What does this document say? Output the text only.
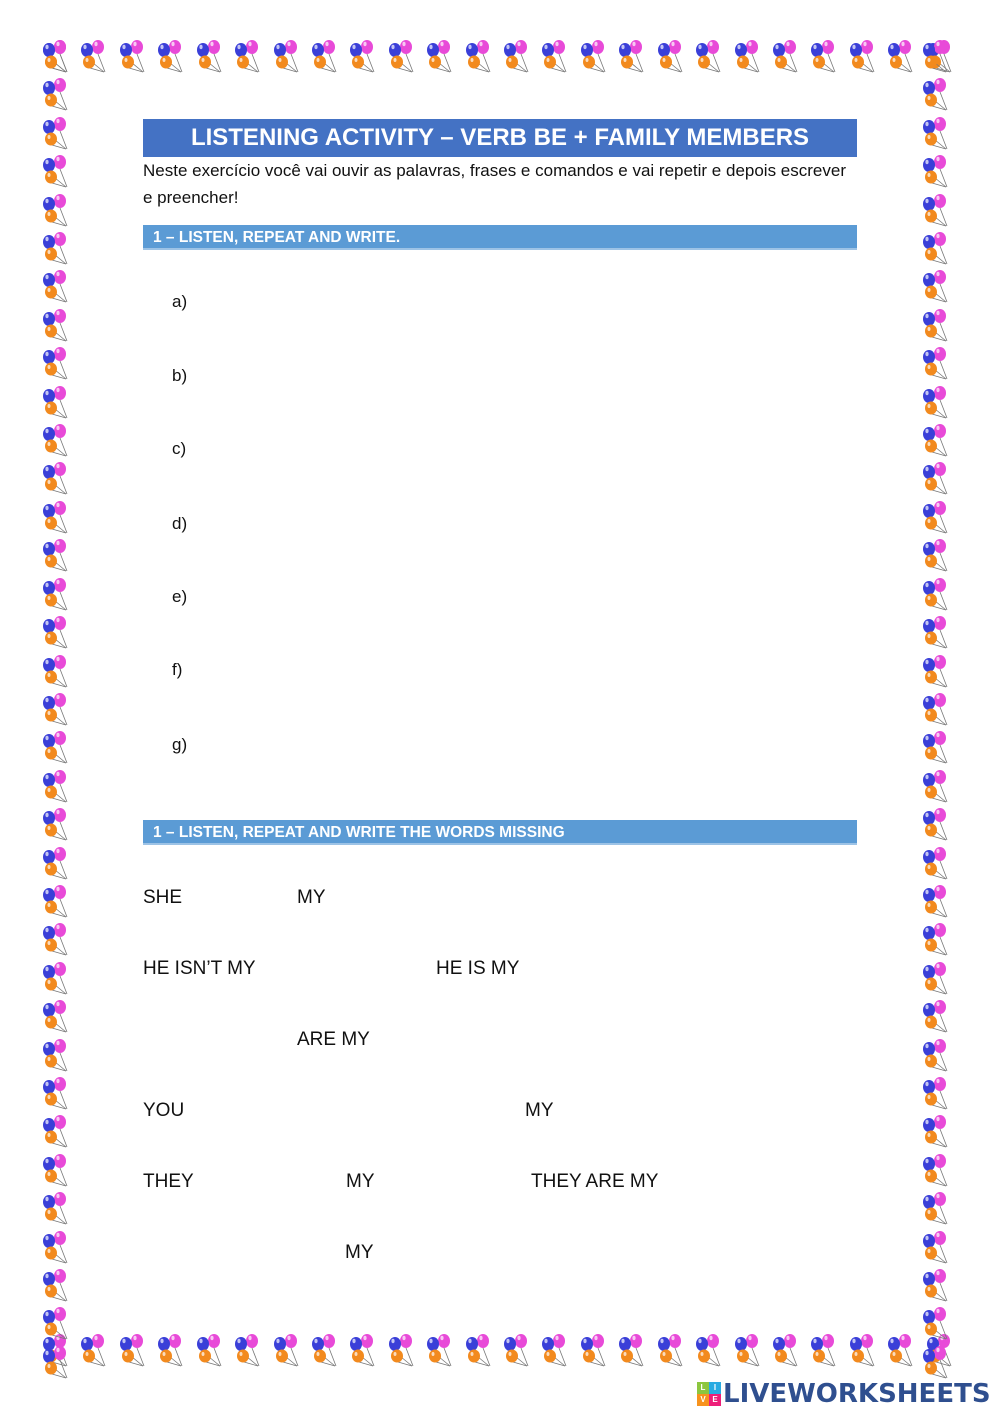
LISTENING ACTIVITY – VERB BE + FAMILY MEMBERS
Neste exercício você vai ouvir as palavras, frases e comandos e vai repetir e depois escrever e preencher!
1 – LISTEN, REPEAT AND WRITE.
a)
b)
c)
d)
e)
f)
g)
1 – LISTEN, REPEAT AND WRITE THE WORDS MISSING
SHE	MY
HE ISN’T MY	HE IS MY
ARE MY
YOU	MY
THEY	MY	THEY ARE MY
MY
L	I
V E LIVEWORKSHEETS
